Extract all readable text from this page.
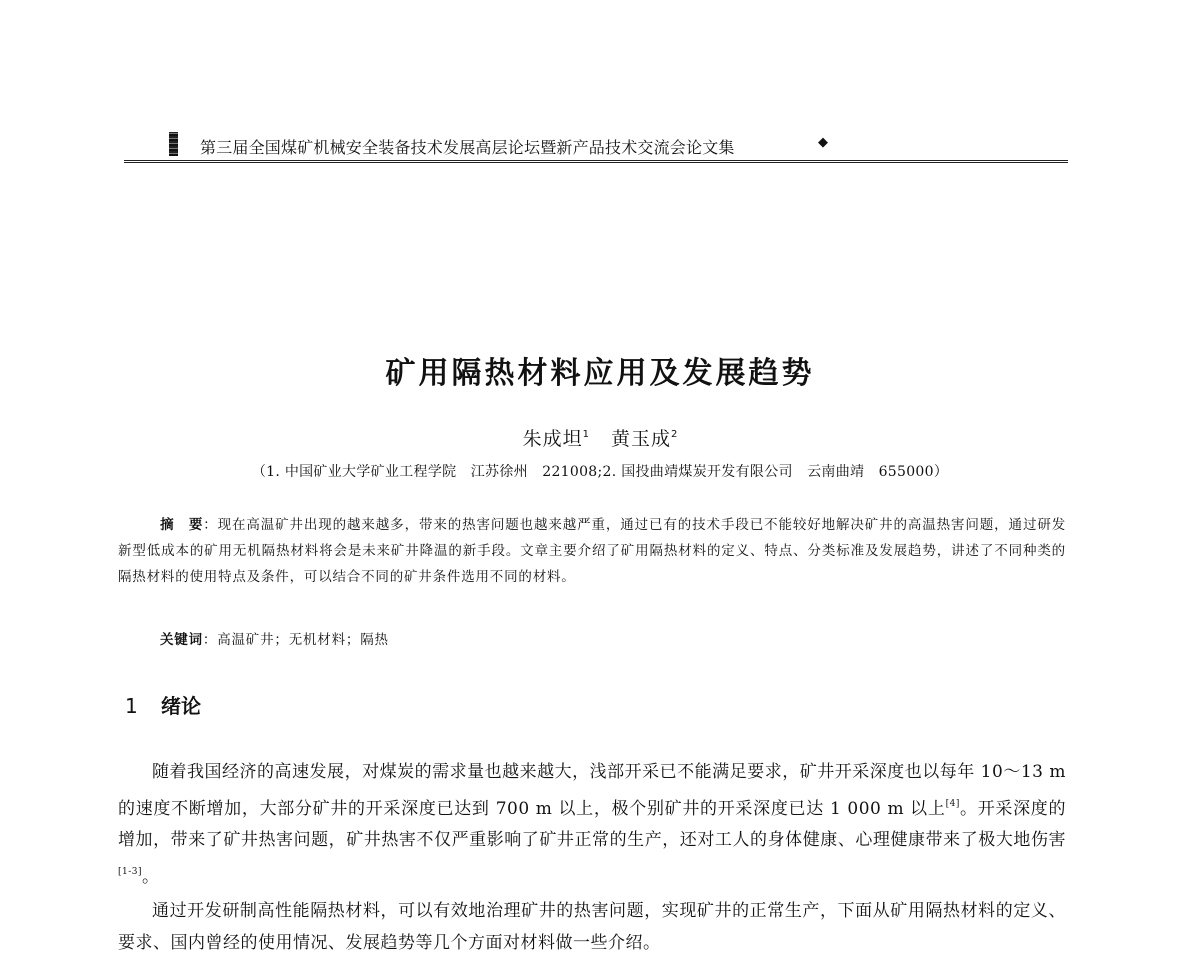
第三届全国煤矿机械安全装备技术发展高层论坛暨新产品技术交流会论文集	◆
矿用隔热材料应用及发展趋势
朱成坦$^1$ 黄玉成$^2$
（1. 中国矿业大学矿业工程学院　江苏徐州　221008;2. 国投曲靖煤炭开发有限公司　云南曲靖　655000）
摘　要：现在高温矿井出现的越来越多，带来的热害问题也越来越严重，通过已有的技术手段已不能较好地解决矿井的高温热害问题，通过研发新型低成本的矿用无机隔热材料将会是未来矿井降温的新手段。文章主要介绍了矿用隔热材料的定义、特点、分类标准及发展趋势，讲述了不同种类的隔热材料的使用特点及条件，可以结合不同的矿井条件选用不同的材料。
关键词：高温矿井；无机材料；隔热
1 绪论

随着我国经济的高速发展，对煤炭的需求量也越来越大，浅部开采已不能满足要求，矿井开采深度也以每年 10～13 m 的速度不断增加，大部分矿井的开采深度已达到 700 m 以上，极个别矿井的开采深度已达 1 000 m 以上[4]。开采深度的增加，带来了矿井热害问题，矿井热害不仅严重影响了矿井正常的生产，还对工人的身体健康、心理健康带来了极大地伤害[1-3]。

通过开发研制高性能隔热材料，可以有效地治理矿井的热害问题，实现矿井的正常生产，下面从矿用隔热材料的定义、要求、国内曾经的使用情况、发展趋势等几个方面对材料做一些介绍。
